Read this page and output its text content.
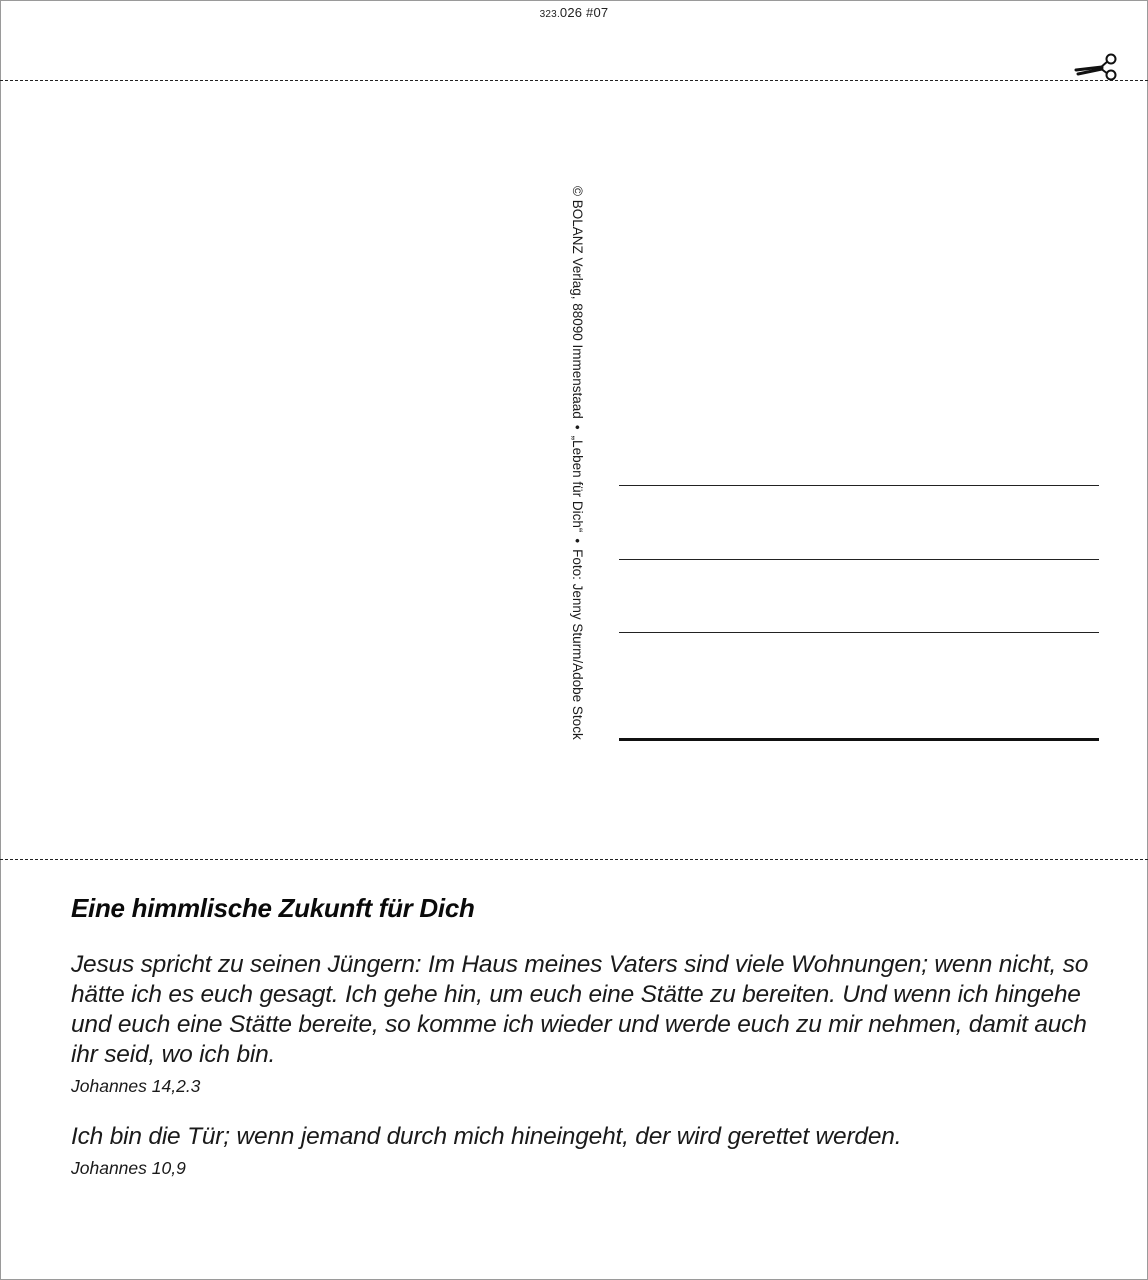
323.026 #07
© BOLANZ Verlag, 88090 Immenstaad•„Leben für Dich“•Foto: Jenny Sturm/Adobe Stock
Eine himmlische Zukunft für Dich
Jesus spricht zu seinen Jüngern: Im Haus meines Vaters sind viele Wohnungen; wenn nicht, so
hätte ich es euch gesagt. Ich gehe hin, um euch eine Stätte zu bereiten. Und wenn ich hingehe
und euch eine Stätte bereite, so komme ich wieder und werde euch zu mir nehmen, damit auch
ihr seid, wo ich bin.
Johannes 14,2.3
Ich bin die Tür; wenn jemand durch mich hineingeht, der wird gerettet werden.
Johannes 10,9
